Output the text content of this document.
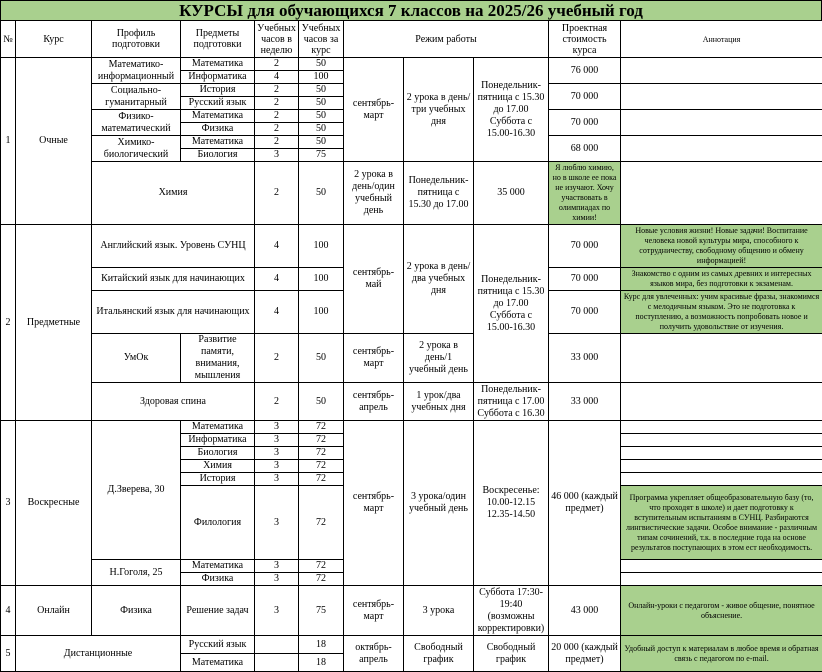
КУРСЫ для обучающихся 7 классов на 2025/26 учебный год
№	Курс	Профиль подготовки	Предметы подготовки	Учебных часов в неделю	Учебных часов за курс	Режим работы			Проектная стоимость курса	Аннотация
1	Очные	Математико-информационный	Математика	2	50	сентябрь-март	2 урока в день/три учебных дня	Понедельник-пятница с 15.30 до 17.00 Суббота с 15.00-16.30	76 000	
			Информатика	4	100					
		Социально-гуманитарный	История	2	50				70 000	
			Русский язык	2	50					
		Физико-математический	Математика	2	50				70 000	
			Физика	2	50					
		Химико-биологический	Математика	2	50				68 000	
			Биология	3	75					
		Химия		2	50	2 урока в день/один учебный день	Понедельник-пятница с 15.30 до 17.00	35 000	Я люблю химию, но в школе ее пока не изучают. Хочу участвовать в олимпиадах по химии!	
2	Предметные	Английский язык. Уровень СУНЦ		4	100	сентябрь-май	2 урока в день/два учебных дня	Понедельник-пятница с 15.30 до 17.00 Суббота с 15.00-16.30	70 000	Новые условия жизни! Новые задачи! Воспитание человека новой культуры мира, способного к сотрудничеству, свободному общению и обмену информацией!
		Китайский язык для начинающих		4	100				70 000	Знакомство с одним из самых древних и интересных языков мира, без подготовки к экзаменам.
		Итальянский язык для начинающих		4	100				70 000	Курс для увлеченных: учим красивые фразы, знакомимся с мелодичным языком. Это не подготовка к поступлению, а возможность попробовать новое и получить удовольствие от изучения.
		УмОк	Развитие памяти, внимания, мышления	2	50	сентябрь-март	2 урока в день/1 учебный день		33 000	
		Здоровая спина		2	50	сентябрь-апрель	1 урок/два учебных дня	Понедельник-пятница с 17.00 Суббота с 16.30	33 000	
3	Воскресные	Д.Зверева, 30	Математика	3	72	сентябрь-март	3 урока/один учебный день	Воскресенье: 10.00-12.15 12.35-14.50	46 000 (каждый предмет)	
			Информатика	3	72					
			Биология	3	72					
			Химия	3	72					
			История	3	72					
			Филология	3	72					Программа укрепляет общеобразовательную базу (то, что проходят в школе) и дает подготовку к вступительным испытаниям в СУНЦ. Разбираются лингвистические задачи. Особое внимание - различным типам сочинений, т.к. в последние года на основе результатов поступающих в этом ест необходимость.
		Н.Гоголя, 25	Математика	3	72					
			Физика	3	72					
4	Онлайн	Физика	Решение задач	3	75	сентябрь-март	3 урока	Суббота 17:30-19:40 (возможны корректировки)	43 000	Онлайн-уроки с педагогом - живое общение, понятное объяснение.
5	Дистанционные		Русский язык		18	октябрь-апрель	Свободный график	Свободный график	20 000 (каждый предмет)	Удобный доступ к материалам в любое время и обратная связь с педагогом по e-mail.
			Математика		18					
